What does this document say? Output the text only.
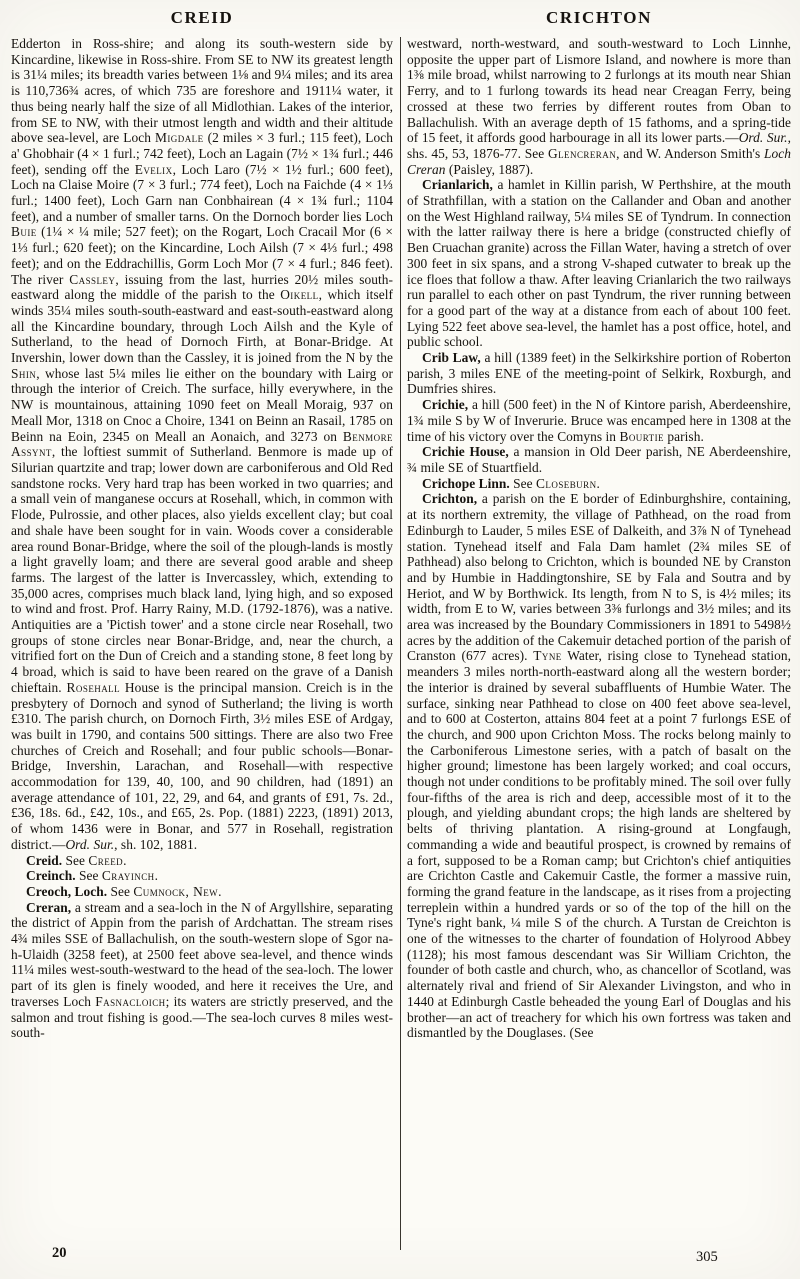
CREID

Edderton in Ross-shire; and along its south-western side by Kincardine, likewise in Ross-shire. From SE to NW its greatest length is 31¼ miles; its breadth varies between 1⅛ and 9¼ miles; and its area is 110,736¾ acres, of which 735 are foreshore and 1911¼ water, it thus being nearly half the size of all Midlothian. Lakes of the interior, from SE to NW, with their utmost length and width and their altitude above sea-level, are Loch Migdale (2 miles × 3 furl.; 115 feet), Loch a' Ghobhair (4 × 1 furl.; 742 feet), Loch an Lagain (7½ × 1¾ furl.; 446 feet), sending off the Evelix, Loch Laro (7½ × 1½ furl.; 600 feet), Loch na Claise Moire (7 × 3 furl.; 774 feet), Loch na Faichde (4 × 1⅓ furl.; 1400 feet), Loch Garn nan Conbhairean (4 × 1¾ furl.; 1104 feet), and a number of smaller tarns. On the Dornoch border lies Loch Buie (1¼ × ¼ mile; 527 feet); on the Rogart, Loch Cracail Mor (6 × 1⅓ furl.; 620 feet); on the Kincardine, Loch Ailsh (7 × 4⅓ furl.; 498 feet); and on the Eddrachillis, Gorm Loch Mor (7 × 4 furl.; 846 feet). The river Cassley, issuing from the last, hurries 20½ miles south-eastward along the middle of the parish to the Oikell, which itself winds 35¼ miles south-south-eastward and east-south-eastward along all the Kincardine boundary, through Loch Ailsh and the Kyle of Sutherland, to the head of Dornoch Firth, at Bonar-Bridge. At Invershin, lower down than the Cassley, it is joined from the N by the Shin, whose last 5¼ miles lie either on the boundary with Lairg or through the interior of Creich. The surface, hilly everywhere, in the NW is mountainous, attaining 1090 feet on Meall Moraig, 937 on Meall Mor, 1318 on Cnoc a Choire, 1341 on Beinn an Rasail, 1785 on Beinn na Eoin, 2345 on Meall an Aonaich, and 3273 on Benmore Assynt, the loftiest summit of Sutherland. Benmore is made up of Silurian quartzite and trap; lower down are carboniferous and Old Red sandstone rocks. Very hard trap has been worked in two quarries; and a small vein of manganese occurs at Rosehall, which, in common with Flode, Pulrossie, and other places, also yields excellent clay; but coal and shale have been sought for in vain. Woods cover a considerable area round Bonar-Bridge, where the soil of the plough-lands is mostly a light gravelly loam; and there are several good arable and sheep farms. The largest of the latter is Invercassley, which, extending to 35,000 acres, comprises much black land, lying high, and so exposed to wind and frost. Prof. Harry Rainy, M.D. (1792-1876), was a native. Antiquities are a 'Pictish tower' and a stone circle near Rosehall, two groups of stone circles near Bonar-Bridge, and, near the church, a vitrified fort on the Dun of Creich and a standing stone, 8 feet long by 4 broad, which is said to have been reared on the grave of a Danish chieftain. Rosehall House is the principal mansion. Creich is in the presbytery of Dornoch and synod of Sutherland; the living is worth £310. The parish church, on Dornoch Firth, 3½ miles ESE of Ardgay, was built in 1790, and contains 500 sittings. There are also two Free churches of Creich and Rosehall; and four public schools—Bonar-Bridge, Invershin, Larachan, and Rosehall—with respective accommodation for 139, 40, 100, and 90 children, had (1891) an average attendance of 101, 22, 29, and 64, and grants of £91, 7s. 2d., £36, 18s. 6d., £42, 10s., and £65, 2s. Pop. (1881) 2223, (1891) 2013, of whom 1436 were in Bonar, and 577 in Rosehall, registration district.—Ord. Sur., sh. 102, 1881.

Creid. See Creed.

Creinch. See Crayinch.

Creoch, Loch. See Cumnock, New.

Creran, a stream and a sea-loch in the N of Argyllshire, separating the district of Appin from the parish of Ardchattan. The stream rises 4¾ miles SSE of Ballachulish, on the south-western slope of Sgor na-h-Ulaidh (3258 feet), at 2500 feet above sea-level, and thence winds 11¼ miles west-south-westward to the head of the sea-loch. The lower part of its glen is finely wooded, and here it receives the Ure, and traverses Loch Fasnacloich; its waters are strictly preserved, and the salmon and trout fishing is good.—The sea-loch curves 8 miles west-south-

CRICHTON

westward, north-westward, and south-westward to Loch Linnhe, opposite the upper part of Lismore Island, and nowhere is more than 1⅜ mile broad, whilst narrowing to 2 furlongs at its mouth near Shian Ferry, and to 1 furlong towards its head near Creagan Ferry, being crossed at these two ferries by different routes from Oban to Ballachulish. With an average depth of 15 fathoms, and a spring-tide of 15 feet, it affords good harbourage in all its lower parts.—Ord. Sur., shs. 45, 53, 1876-77. See Glencreran, and W. Anderson Smith's Loch Creran (Paisley, 1887).

Crianlarich, a hamlet in Killin parish, W Perthshire, at the mouth of Strathfillan, with a station on the Callander and Oban and another on the West Highland railway, 5¼ miles SE of Tyndrum. In connection with the latter railway there is here a bridge (constructed chiefly of Ben Cruachan granite) across the Fillan Water, having a stretch of over 300 feet in six spans, and a strong V-shaped cutwater to break up the ice floes that follow a thaw. After leaving Crianlarich the two railways run parallel to each other on past Tyndrum, the river running between for a good part of the way at a distance from each of about 100 feet. Lying 522 feet above sea-level, the hamlet has a post office, hotel, and public school.

Crib Law, a hill (1389 feet) in the Selkirkshire portion of Roberton parish, 3 miles ENE of the meeting-point of Selkirk, Roxburgh, and Dumfries shires.

Crichie, a hill (500 feet) in the N of Kintore parish, Aberdeenshire, 1¾ mile S by W of Inverurie. Bruce was encamped here in 1308 at the time of his victory over the Comyns in Bourtie parish.

Crichie House, a mansion in Old Deer parish, NE Aberdeenshire, ¾ mile SE of Stuartfield.

Crichope Linn. See Closeburn.

Crichton, a parish on the E border of Edinburghshire, containing, at its northern extremity, the village of Pathhead, on the road from Edinburgh to Lauder, 5 miles ESE of Dalkeith, and 3⅞ N of Tynehead station. Tynehead itself and Fala Dam hamlet (2¾ miles SE of Pathhead) also belong to Crichton, which is bounded NE by Cranston and by Humbie in Haddingtonshire, SE by Fala and Soutra and by Heriot, and W by Borthwick. Its length, from N to S, is 4½ miles; its width, from E to W, varies between 3⅜ furlongs and 3½ miles; and its area was increased by the Boundary Commissioners in 1891 to 5498½ acres by the addition of the Cakemuir detached portion of the parish of Cranston (677 acres). Tyne Water, rising close to Tynehead station, meanders 3 miles north-north-eastward along all the western border; the interior is drained by several subaffluents of Humbie Water. The surface, sinking near Pathhead to close on 400 feet above sea-level, and to 600 at Costerton, attains 804 feet at a point 7 furlongs ESE of the church, and 900 upon Crichton Moss. The rocks belong mainly to the Carboniferous Limestone series, with a patch of basalt on the higher ground; limestone has been largely worked; and coal occurs, though not under conditions to be profitably mined. The soil over fully four-fifths of the area is rich and deep, accessible most of it to the plough, and yielding abundant crops; the high lands are sheltered by belts of thriving plantation. A rising-ground at Longfaugh, commanding a wide and beautiful prospect, is crowned by remains of a fort, supposed to be a Roman camp; but Crichton's chief antiquities are Crichton Castle and Cakemuir Castle, the former a massive ruin, forming the grand feature in the landscape, as it rises from a projecting terreplein within a hundred yards or so of the top of the hill on the Tyne's right bank, ¼ mile S of the church. A Turstan de Creichton is one of the witnesses to the charter of foundation of Holyrood Abbey (1128); his most famous descendant was Sir William Crichton, the founder of both castle and church, who, as chancellor of Scotland, was alternately rival and friend of Sir Alexander Livingston, and who in 1440 at Edinburgh Castle beheaded the young Earl of Douglas and his brother—an act of treachery for which his own fortress was taken and dismantled by the Douglases. (See

20	305
